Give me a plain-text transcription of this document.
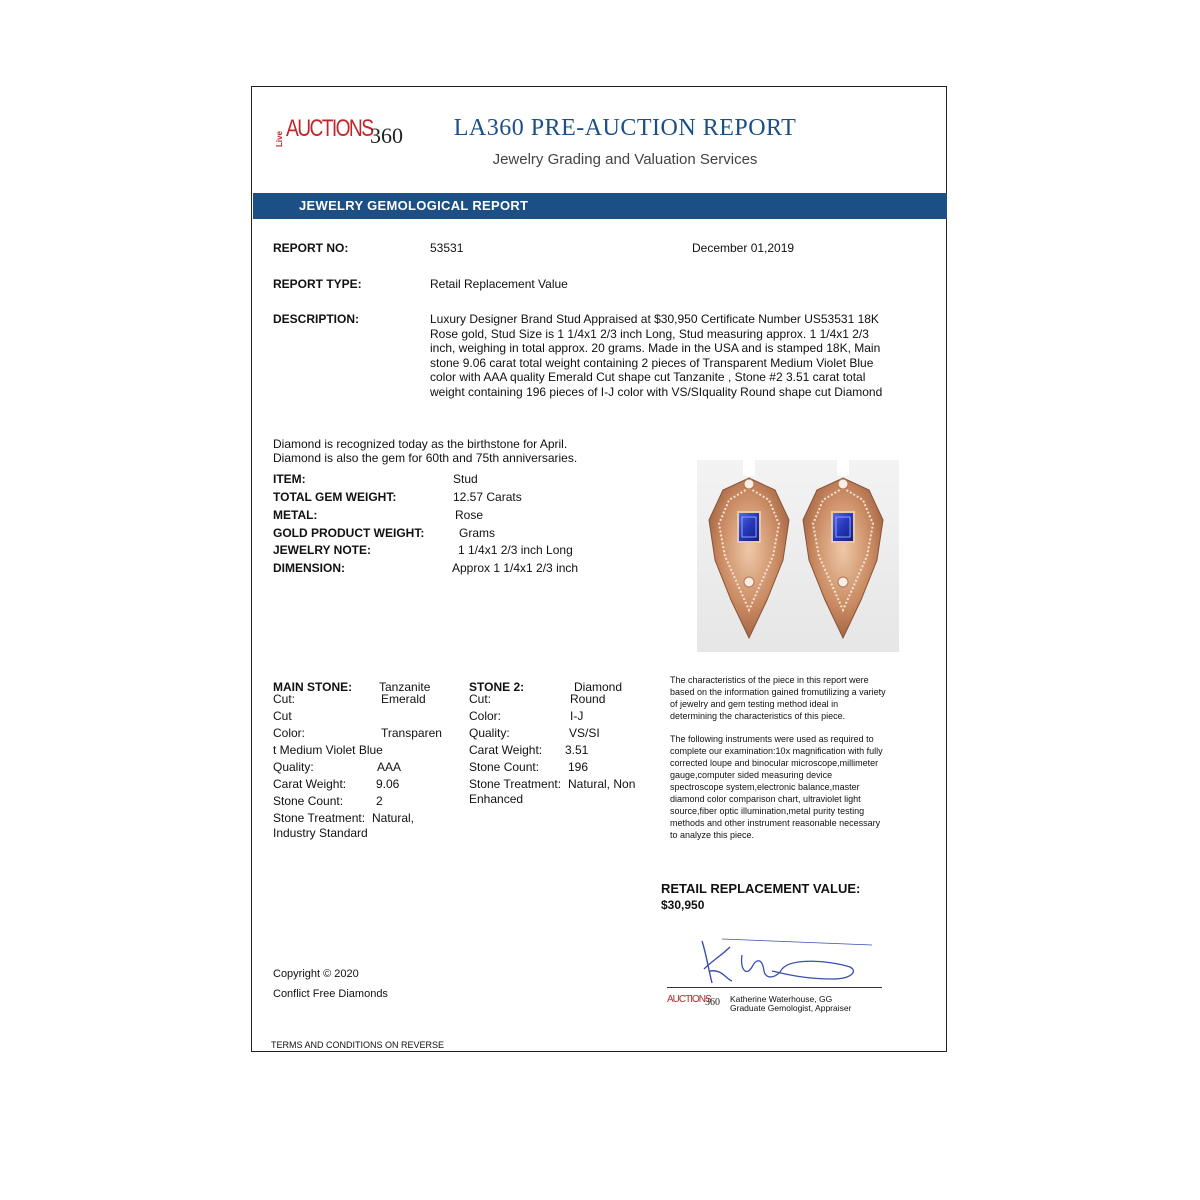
Live AUCTIONS
360 LA360 PRE-AUCTION REPORT
Jewelry Grading and Valuation Services
JEWELRY GEMOLOGICAL REPORT
REPORT NO:	53531	December 01,2019
REPORT TYPE:	Retail Replacement Value
DESCRIPTION:	Luxury Designer Brand Stud Appraised at $30,950 Certificate Number US53531 18K
Rose gold, Stud Size is 1 1/4x1 2/3 inch Long, Stud measuring approx. 1 1/4x1 2/3
inch, weighing in total approx. 20 grams. Made in the USA and is stamped 18K, Main
stone 9.06 carat total weight containing 2 pieces of Transparent Medium Violet Blue
color with AAA quality Emerald Cut shape cut Tanzanite , Stone #2 3.51 carat total
weight containing 196 pieces of I-J color with VS/SIquality Round shape cut Diamond
Diamond is recognized today as the birthstone for April.
Diamond is also the gem for 60th and 75th anniversaries.
ITEM:	Stud
TOTAL GEM WEIGHT:	12.57 Carats
METAL:	Rose
GOLD PRODUCT WEIGHT:	Grams
JEWELRY NOTE:	1 1/4x1 2/3 inch Long
DIMENSION:	Approx 1 1/4x1 2/3 inch
MAIN STONE: Tanzanite
Cut:	Emerald
Cut
Color:	Transparen
t Medium Violet Blue
Quality:	AAA
Carat Weight: 9.06
Stone Count:	2
Stone Treatment: Natural,
Industry Standard
STONE 2:	Diamond
Cut:	Round
Color:	I-J
Quality:	VS/SI
Carat Weight: 3.51
Stone Count: 196
Stone Treatment: Natural, Non
Enhanced
The characteristics of the piece in this report were
based on the information gained fromutilizing a variety
of jewelry and gem testing method ideal in
determining the characteristics of this piece.
The following instruments were used as required to
complete our examination:10x magnification with fully
corrected loupe and binocular microscope,millimeter
gauge,computer sided measuring device
spectroscope system,electronic balance,master
diamond color comparison chart, ultraviolet light
source,fiber optic illumination,metal purity testing
methods and other instrument reasonable necessary
to analyze this piece.
RETAIL REPLACEMENT VALUE:
$30,950
AUCTIONS
360 Katherine Waterhouse, GG
Graduate Gemologist, Appraiser
Copyright © 2020
Conflict Free Diamonds
TERMS AND CONDITIONS ON REVERSE
